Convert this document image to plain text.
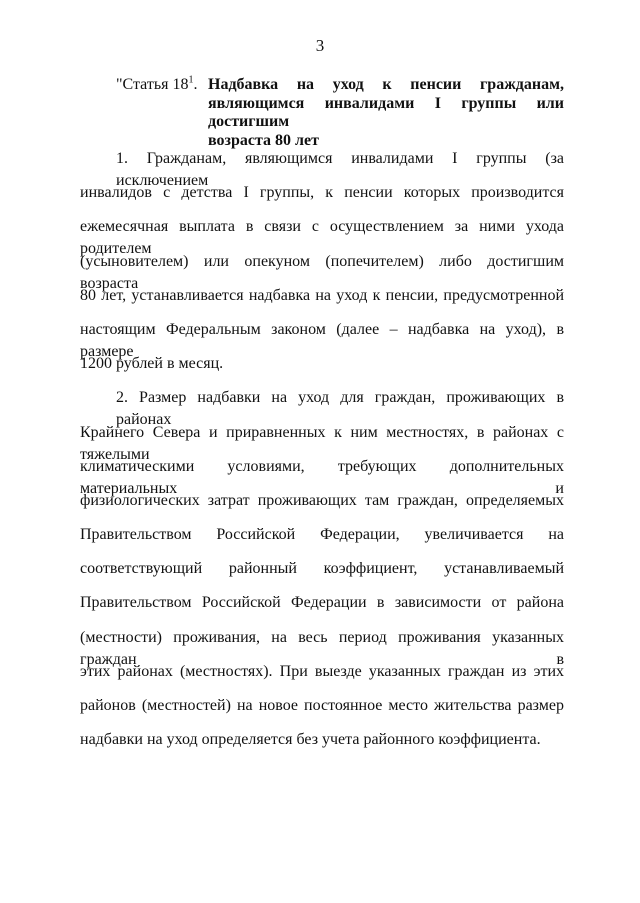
3
"Статья $18^1$. Надбавка на уход к пенсии гражданам,
являющимся инвалидами I группы или достигшим
возраста 80 лет
1. Гражданам, являющимся инвалидами I группы (за исключением
инвалидов с детства I группы, к пенсии которых производится
ежемесячная выплата в связи с осуществлением за ними ухода родителем
(усыновителем) или опекуном (попечителем) либо достигшим возраста
80 лет, устанавливается надбавка на уход к пенсии, предусмотренной
настоящим Федеральным законом (далее – надбавка на уход), в размере
1200 рублей в месяц.
2. Размер надбавки на уход для граждан, проживающих в районах
Крайнего Севера и приравненных к ним местностях, в районах с тяжелыми
климатическими условиями, требующих дополнительных материальных и
физиологических затрат проживающих там граждан, определяемых
Правительством Российской Федерации, увеличивается на
соответствующий районный коэффициент, устанавливаемый
Правительством Российской Федерации в зависимости от района
(местности) проживания, на весь период проживания указанных граждан в
этих районах (местностях). При выезде указанных граждан из этих
районов (местностей) на новое постоянное место жительства размер
надбавки на уход определяется без учета районного коэффициента.
